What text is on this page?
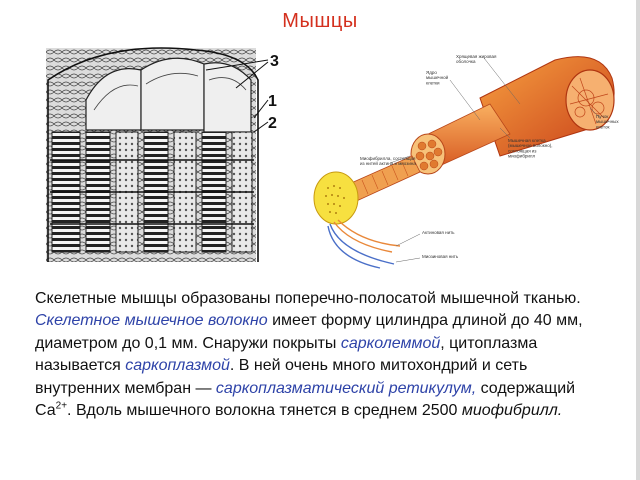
Мышцы
3
1
2
Хрящевая жировая оболочка
Ядро мышечной клетки
Мышечная клетка (мышечное волокно), состоящая из миофибрилл
Пучок мышечных клеток
Миофибрилла, состоящая из нитей актина и миозина
Актиновая нить
Миозиновая нить
Скелетные мышцы образованы поперечно-полосатой мышечной тканью. Скелетное мышечное волокно имеет форму цилиндра длиной до 40 мм, диаметром до 0,1 мм. Снаружи покрыты сарколеммой, цитоплазма называется саркоплазмой. В ней очень много митохондрий и сеть внутренних мембран — саркоплазматический ретикулум, содержащий $Са^{2+}$. Вдоль мышечного волокна тянется в среднем 2500 миофибрилл.
